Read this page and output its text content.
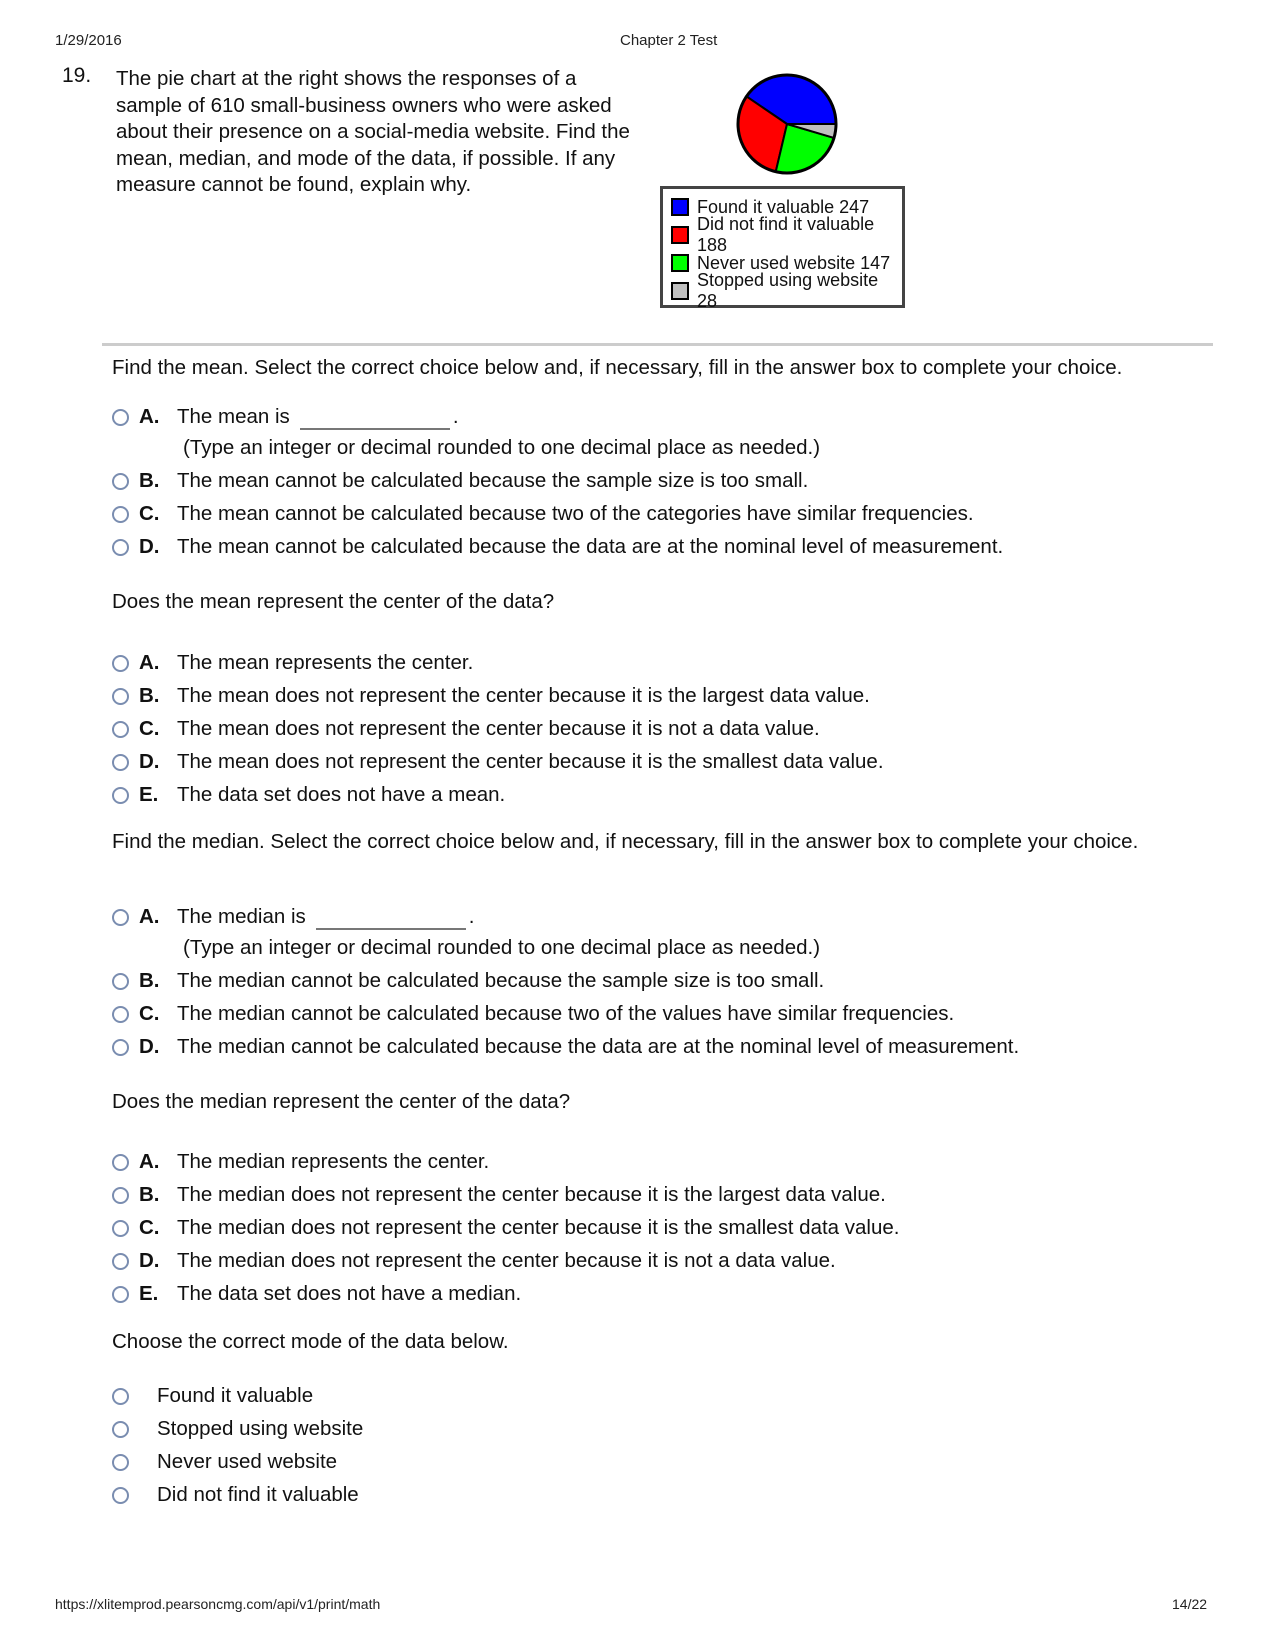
1/29/2016	Chapter 2 Test
19. The pie chart at the right shows the responses of a sample of 610 small-business owners who were asked about their presence on a social-media website. Find the mean, median, and mode of the data, if possible. If any measure cannot be found, explain why.
Found it valuable 247
Did not find it valuable 188
Never used website 147
Stopped using website 28
Find the mean. Select the correct choice below and, if necessary, fill in the answer box to complete your choice.
A. The mean is	.
(Type an integer or decimal rounded to one decimal place as needed.)
B. The mean cannot be calculated because the sample size is too small.
C. The mean cannot be calculated because two of the categories have similar frequencies.
D. The mean cannot be calculated because the data are at the nominal level of measurement.
Does the mean represent the center of the data?
A. The mean represents the center.
B. The mean does not represent the center because it is the largest data value.
C. The mean does not represent the center because it is not a data value.
D. The mean does not represent the center because it is the smallest data value.
E. The data set does not have a mean.
Find the median. Select the correct choice below and, if necessary, fill in the answer box to complete your choice.
A. The median is	.
(Type an integer or decimal rounded to one decimal place as needed.)
B. The median cannot be calculated because the sample size is too small.
C. The median cannot be calculated because two of the values have similar frequencies.
D. The median cannot be calculated because the data are at the nominal level of measurement.
Does the median represent the center of the data?
A. The median represents the center.
B. The median does not represent the center because it is the largest data value.
C. The median does not represent the center because it is the smallest data value.
D. The median does not represent the center because it is not a data value.
E. The data set does not have a median.
Choose the correct mode of the data below.
Found it valuable
Stopped using website
Never used website
Did not find it valuable
https://xlitemprod.pearsoncmg.com/api/v1/print/math	14/22
